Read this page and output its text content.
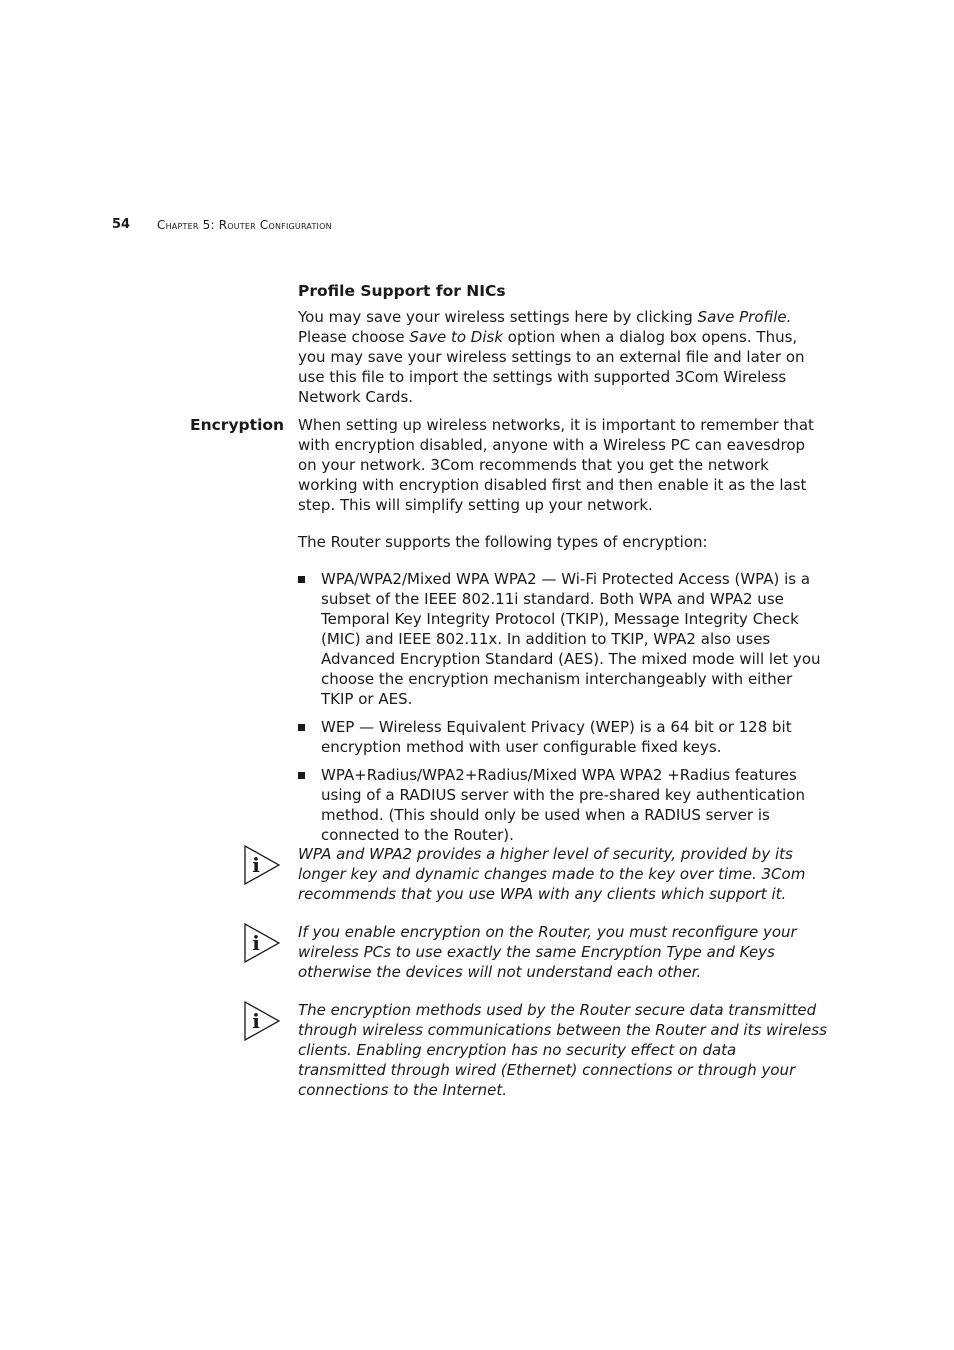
54 Chapter 5: Router Configuration
Profile Support for NICs

You may save your wireless settings here by clicking Save Profile. Please choose Save to Disk option when a dialog box opens. Thus, you may save your wireless settings to an external file and later on use this file to import the settings with supported 3Com Wireless Network Cards.

Encryption When setting up wireless networks, it is important to remember that with encryption disabled, anyone with a Wireless PC can eavesdrop on your network. 3Com recommends that you get the network working with encryption disabled first and then enable it as the last step. This will simplify setting up your network.

The Router supports the following types of encryption:

WPA/WPA2/Mixed WPA WPA2 — Wi-Fi Protected Access (WPA) is a subset of the IEEE 802.11i standard. Both WPA and WPA2 use Temporal Key Integrity Protocol (TKIP), Message Integrity Check (MIC) and IEEE 802.11x. In addition to TKIP, WPA2 also uses Advanced Encryption Standard (AES). The mixed mode will let you choose the encryption mechanism interchangeably with either TKIP or AES.
WEP — Wireless Equivalent Privacy (WEP) is a 64 bit or 128 bit encryption method with user configurable fixed keys.
WPA+Radius/WPA2+Radius/Mixed WPA WPA2 +Radius features using of a RADIUS server with the pre-shared key authentication method. (This should only be used when a RADIUS server is connected to the Router).
i	WPA and WPA2 provides a higher level of security, provided by its longer key and dynamic changes made to the key over time. 3Com recommends that you use WPA with any clients which support it.
i	If you enable encryption on the Router, you must reconfigure your wireless PCs to use exactly the same Encryption Type and Keys otherwise the devices will not understand each other.
i	The encryption methods used by the Router secure data transmitted through wireless communications between the Router and its wireless clients. Enabling encryption has no security effect on data transmitted through wired (Ethernet) connections or through your connections to the Internet.
